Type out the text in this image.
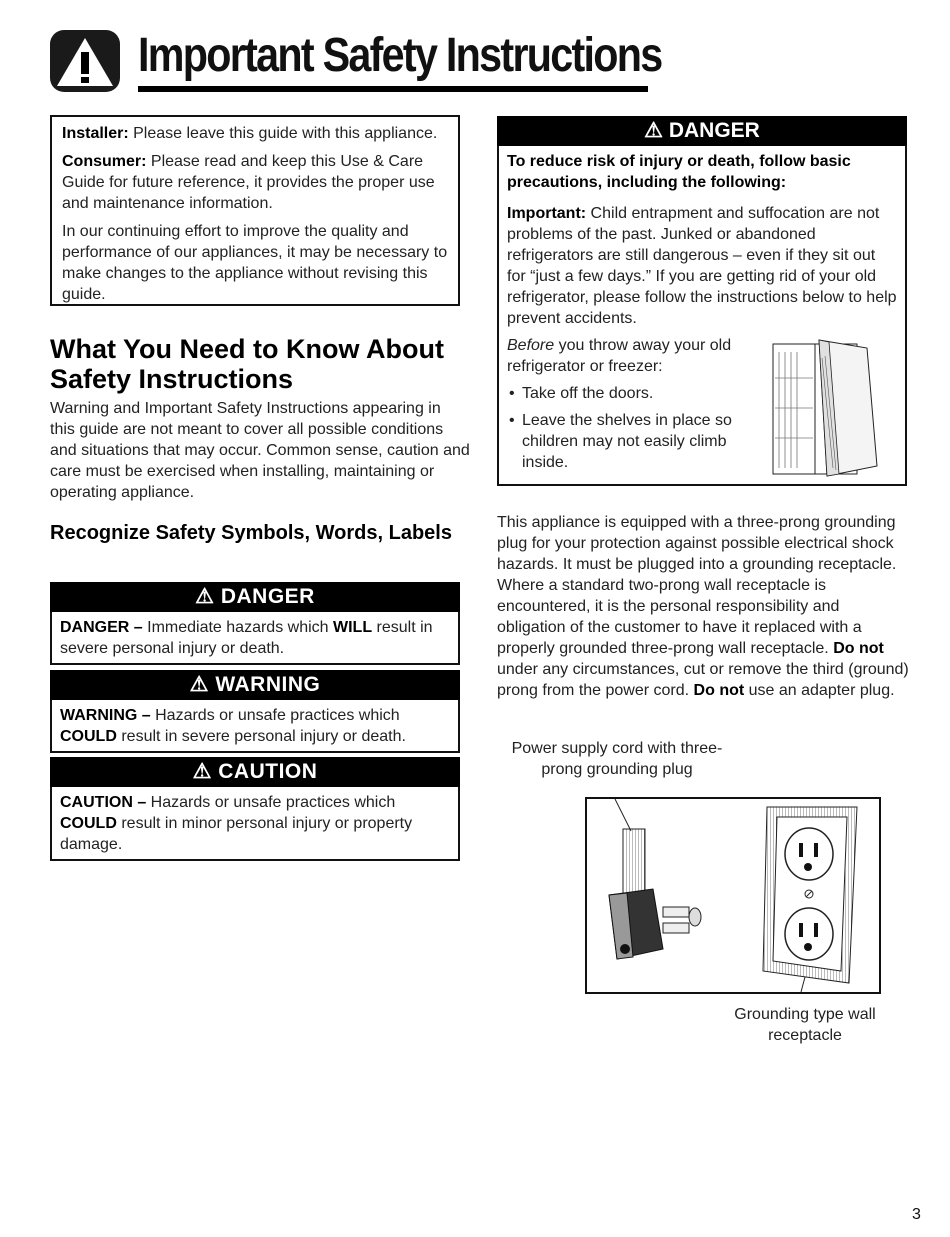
Important Safety Instructions

Installer: Please leave this guide with this appliance.

Consumer: Please read and keep this Use & Care Guide for future reference, it provides the proper use and maintenance information.

In our continuing effort to improve the quality and performance of our appliances, it may be necessary to make changes to the appliance without revising this guide.

What You Need to Know About Safety Instructions
Warning and Important Safety Instructions appearing in this guide are not meant to cover all possible conditions and situations that may occur. Common sense, caution and care must be exercised when installing, maintaining or operating appliance.
Recognize Safety Symbols, Words, Labels
⚠ DANGER
DANGER – Immediate hazards which WILL result in severe personal injury or death.
⚠ WARNING
WARNING – Hazards or unsafe practices which COULD result in severe personal injury or death.
⚠ CAUTION
CAUTION – Hazards or unsafe practices which COULD result in minor personal injury or property damage.
⚠ DANGER

To reduce risk of injury or death, follow basic precautions, including the following:

Important: Child entrapment and suffocation are not problems of the past. Junked or abandoned refrigerators are still dangerous – even if they sit out for “just a few days.” If you are getting rid of your old refrigerator, please follow the instructions below to help prevent accidents.

Before you throw away your old refrigerator or freezer:

• Take off the doors.
• Leave the shelves in place so children may not easily climb inside.
This appliance is equipped with a three-prong grounding plug for your protection against possible electrical shock hazards. It must be plugged into a grounding receptacle. Where a standard two-prong wall receptacle is encountered, it is the personal responsibility and obligation of the customer to have it replaced with a properly grounded three-prong wall receptacle. Do not under any circumstances, cut or remove the third (ground) prong from the power cord. Do not use an adapter plug.
Power supply cord with three-prong grounding plug
Grounding type wall receptacle
3
